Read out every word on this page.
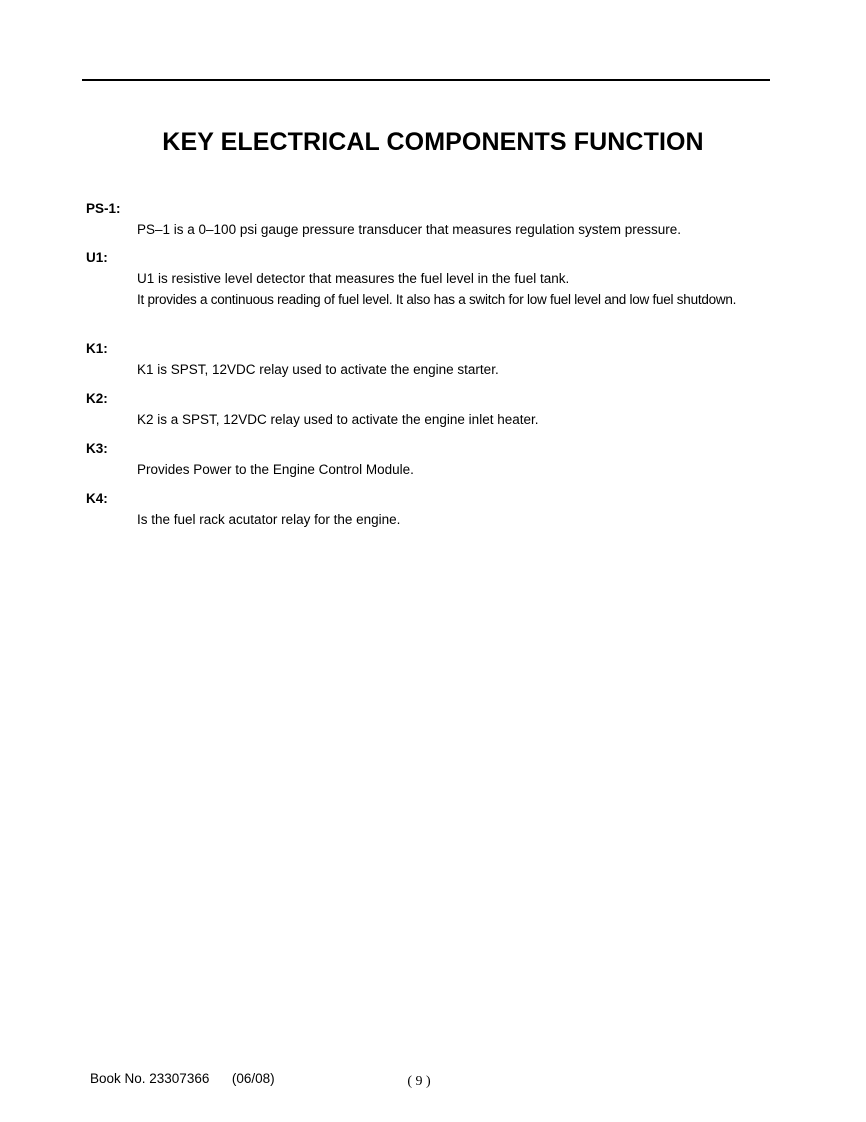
KEY ELECTRICAL COMPONENTS FUNCTION
PS-1:
PS–1 is a 0–100 psi gauge pressure transducer that measures regulation system pressure.
U1:
U1 is resistive level detector that measures the fuel level in the fuel tank.
It provides a continuous reading of fuel level. It also has a switch for low fuel level and low fuel shutdown.
K1:
K1 is SPST, 12VDC relay used to activate the engine starter.
K2:
K2 is a SPST, 12VDC relay used to activate the engine inlet heater.
K3:
Provides Power to the Engine Control Module.
K4:
Is the fuel rack acutator relay for the engine.
Book No. 23307366 (06/08)	( 9 )
